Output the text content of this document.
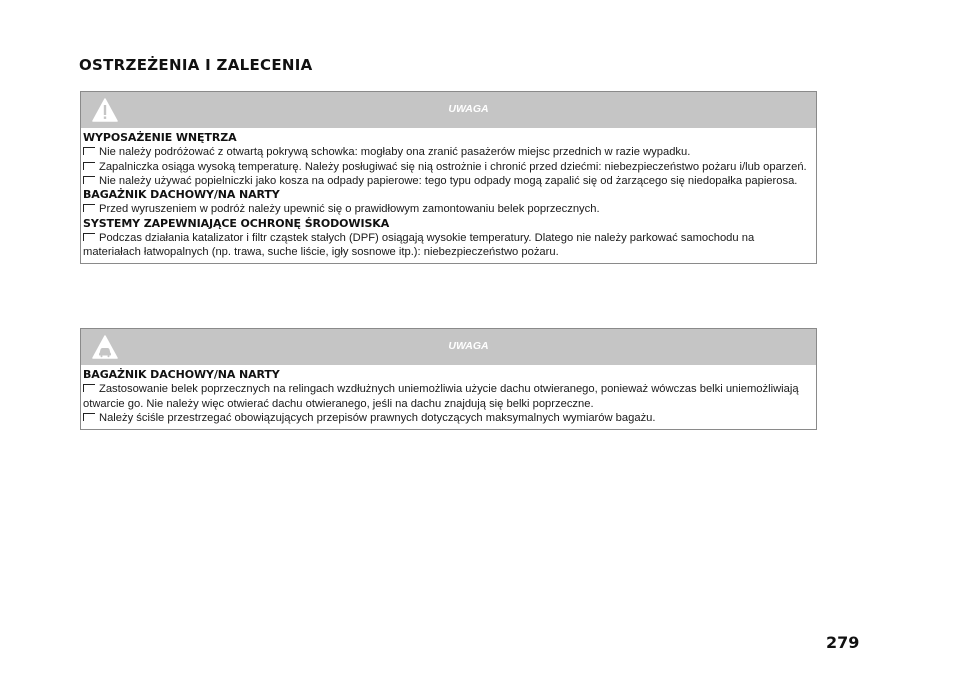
OSTRZEŻENIA I ZALECENIA
UWAGA
WYPOSAŻENIE WNĘTRZA
Nie należy podróżować z otwartą pokrywą schowka: mogłaby ona zranić pasażerów miejsc przednich w razie wypadku.
Zapalniczka osiąga wysoką temperaturę. Należy posługiwać się nią ostrożnie i chronić przed dziećmi: niebezpieczeństwo pożaru i/lub oparzeń.
Nie należy używać popielniczki jako kosza na odpady papierowe: tego typu odpady mogą zapalić się od żarzącego się niedopałka papierosa.
BAGAŻNIK DACHOWY/NA NARTY
Przed wyruszeniem w podróż należy upewnić się o prawidłowym zamontowaniu belek poprzecznych.
SYSTEMY ZAPEWNIAJĄCE OCHRONĘ ŚRODOWISKA
Podczas działania katalizator i filtr cząstek stałych (DPF) osiągają wysokie temperatury. Dlatego nie należy parkować samochodu na materiałach łatwopalnych (np. trawa, suche liście, igły sosnowe itp.): niebezpieczeństwo pożaru.
UWAGA
BAGAŻNIK DACHOWY/NA NARTY
Zastosowanie belek poprzecznych na relingach wzdłużnych uniemożliwia użycie dachu otwieranego, ponieważ wówczas belki uniemożliwiają otwarcie go. Nie należy więc otwierać dachu otwieranego, jeśli na dachu znajdują się belki poprzeczne.
Należy ściśle przestrzegać obowiązujących przepisów prawnych dotyczących maksymalnych wymiarów bagażu.
279
